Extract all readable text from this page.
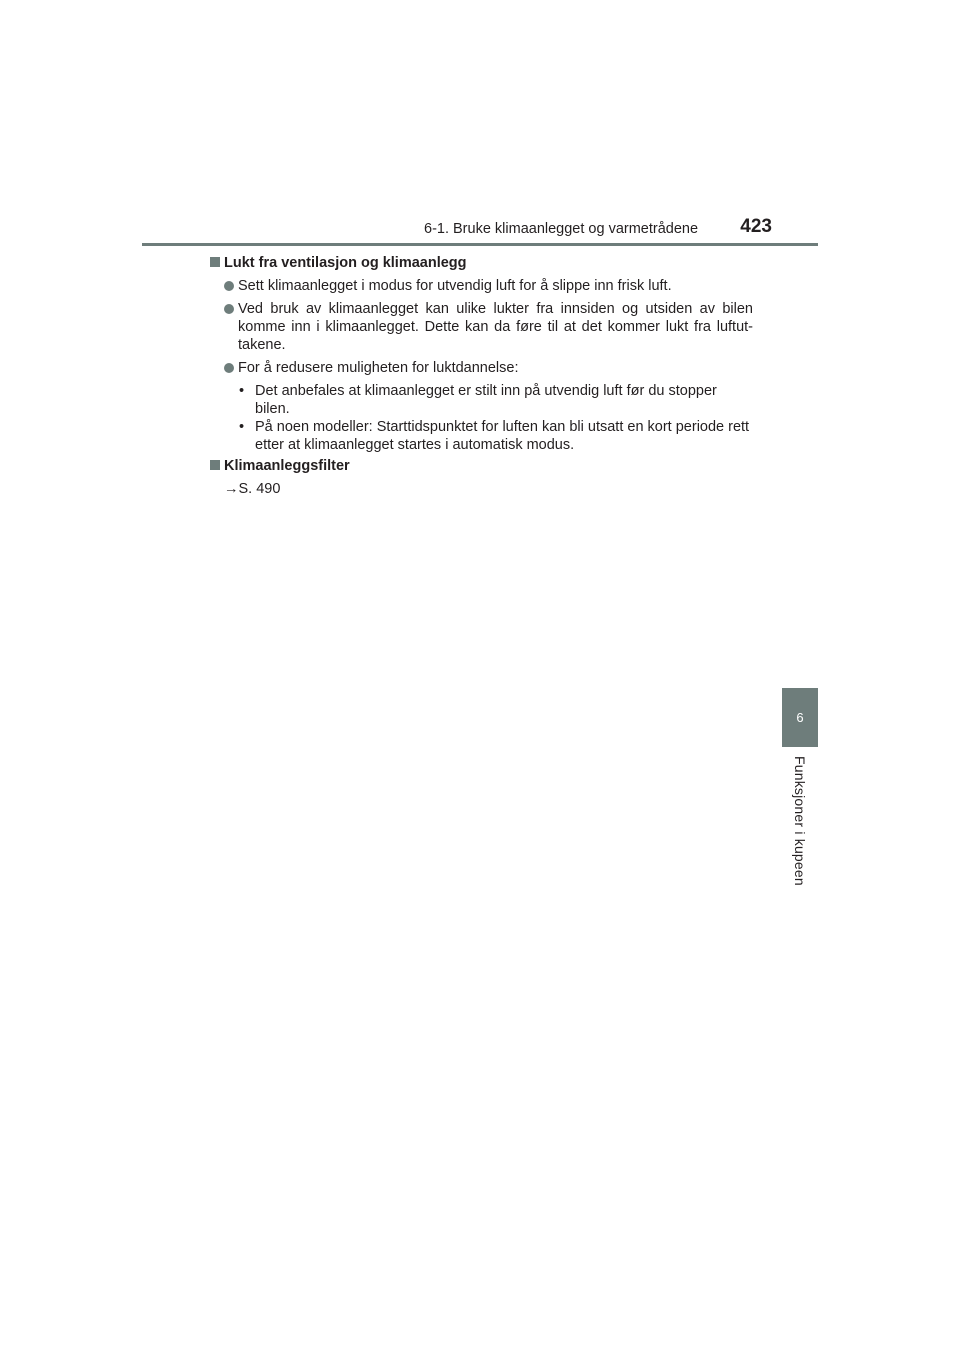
6-1. Bruke klimaanlegget og varmetrådene 423
6
Funksjoner i kupeen
Lukt fra ventilasjon og klimaanlegg
Sett klimaanlegget i modus for utvendig luft for å slippe inn frisk luft.
Ved bruk av klimaanlegget kan ulike lukter fra innsiden og utsiden av bilen komme inn i klimaanlegget. Dette kan da føre til at det kommer lukt fra luftut-takene.
For å redusere muligheten for luktdannelse:
• Det anbefales at klimaanlegget er stilt inn på utvendig luft før du stopper bilen.
• På noen modeller: Starttidspunktet for luften kan bli utsatt en kort periode rett etter at klimaanlegget startes i automatisk modus.
Klimaanleggsfilter
→S. 490
